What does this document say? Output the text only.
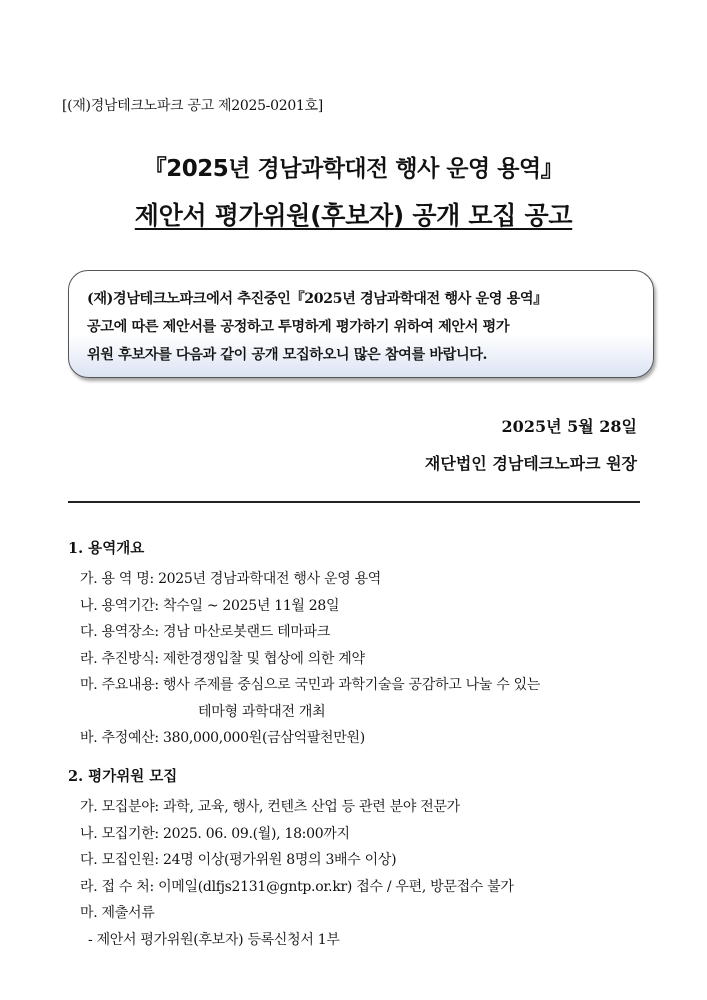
[(재)경남테크노파크 공고 제2025-0201호]
『2025년 경남과학대전 행사 운영 용역』
제안서 평가위원(후보자) 공개 모집 공고

(재)경남테크노파크에서 추진중인『2025년 경남과학대전 행사 운영 용역』

공고에 따른 제안서를 공정하고 투명하게 평가하기 위하여 제안서 평가

위원 후보자를 다음과 같이 공개 모집하오니 많은 참여를 바랍니다.

2025년 5월 28일
재단법인 경남테크노파크 원장
1. 용역개요
가. 용 역 명: 2025년 경남과학대전 행사 운영 용역
나. 용역기간: 착수일 ~ 2025년 11월 28일
다. 용역장소: 경남 마산로봇랜드 테마파크
라. 추진방식: 제한경쟁입찰 및 협상에 의한 계약
마. 주요내용: 행사 주제를 중심으로 국민과 과학기술을 공감하고 나눌 수 있는
테마형 과학대전 개최
바. 추정예산: 380,000,000원(금삼억팔천만원)
2. 평가위원 모집
가. 모집분야: 과학, 교육, 행사, 컨텐츠 산업 등 관련 분야 전문가
나. 모집기한: 2025. 06. 09.(월), 18:00까지
다. 모집인원: 24명 이상(평가위원 8명의 3배수 이상)
라. 접 수 처: 이메일(dlfjs2131@gntp.or.kr) 접수 / 우편, 방문접수 불가
마. 제출서류
- 제안서 평가위원(후보자) 등록신청서 1부
